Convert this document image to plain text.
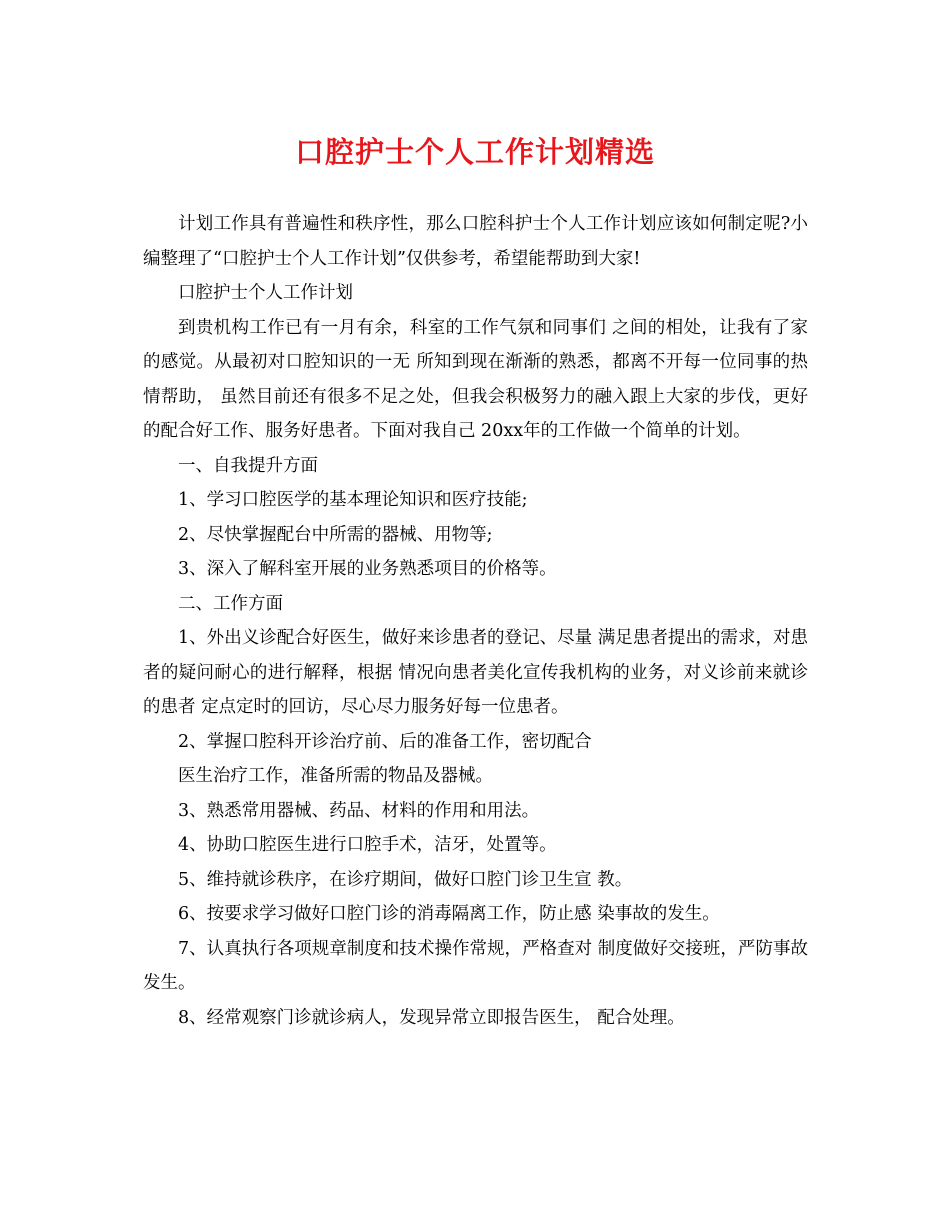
口腔护士个人工作计划精选

计划工作具有普遍性和秩序性，那么口腔科护士个人工作计划应该如何制定呢?小编整理了“口腔护士个人工作计划”仅供参考，希望能帮助到大家!

口腔护士个人工作计划

到贵机构工作已有一月有余，科室的工作气氛和同事们 之间的相处，让我有了家的感觉。从最初对口腔知识的一无 所知到现在渐渐的熟悉，都离不开每一位同事的热情帮助， 虽然目前还有很多不足之处，但我会积极努力的融入跟上大家的步伐，更好的配合好工作、服务好患者。下面对我自己 20xx年的工作做一个简单的计划。

一、自我提升方面

1、学习口腔医学的基本理论知识和医疗技能;

2、尽快掌握配台中所需的器械、用物等;

3、深入了解科室开展的业务熟悉项目的价格等。

二、工作方面

1、外出义诊配合好医生，做好来诊患者的登记、尽量 满足患者提出的需求，对患者的疑问耐心的进行解释，根据 情况向患者美化宣传我机构的业务，对义诊前来就诊的患者 定点定时的回访，尽心尽力服务好每一位患者。

2、掌握口腔科开诊治疗前、后的准备工作，密切配合

医生治疗工作，准备所需的物品及器械。

3、熟悉常用器械、药品、材料的作用和用法。

4、协助口腔医生进行口腔手术，洁牙，处置等。

5、维持就诊秩序，在诊疗期间，做好口腔门诊卫生宣 教。

6、按要求学习做好口腔门诊的消毒隔离工作，防止感 染事故的发生。

7、认真执行各项规章制度和技术操作常规，严格查对 制度做好交接班，严防事故发生。

8、经常观察门诊就诊病人，发现异常立即报告医生， 配合处理。
